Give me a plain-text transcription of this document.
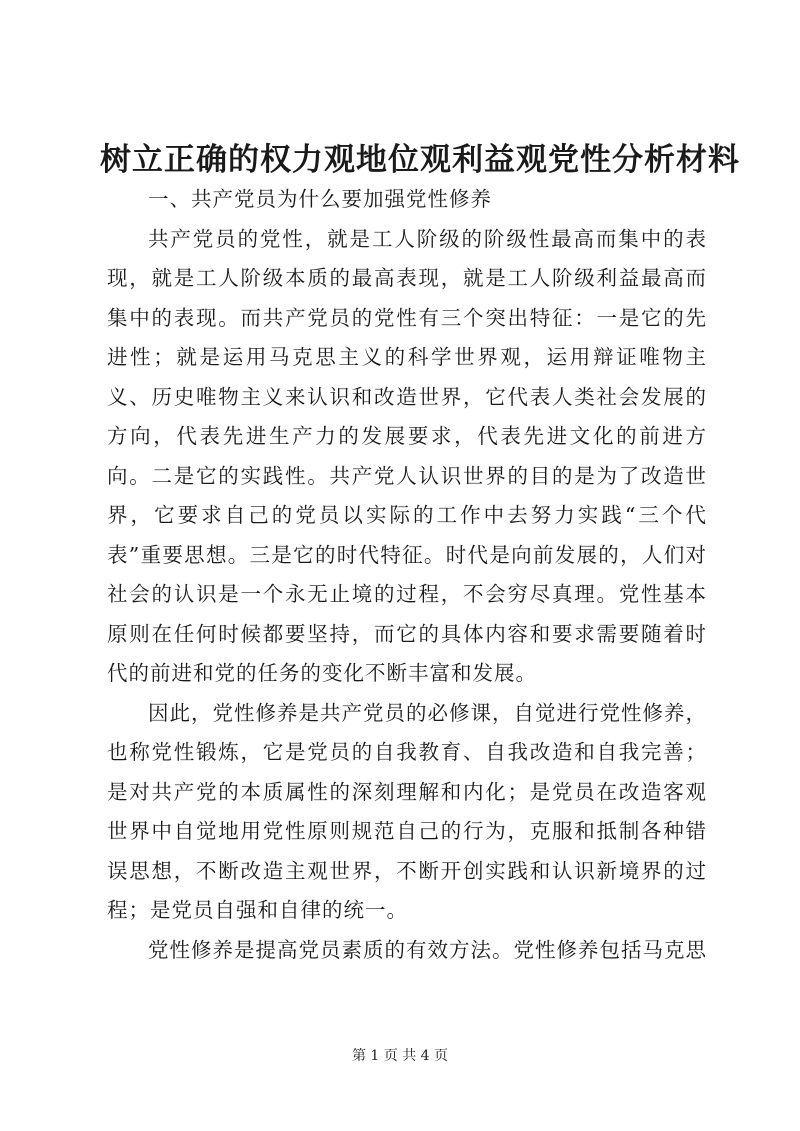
树立正确的权力观地位观利益观党性分析材料

一、共产党员为什么要加强党性修养

共产党员的党性，就是工人阶级的阶级性最高而集中的表现，就是工人阶级本质的最高表现，就是工人阶级利益最高而集中的表现。而共产党员的党性有三个突出特征：一是它的先进性；就是运用马克思主义的科学世界观，运用辩证唯物主义、历史唯物主义来认识和改造世界，它代表人类社会发展的方向，代表先进生产力的发展要求，代表先进文化的前进方向。二是它的实践性。共产党人认识世界的目的是为了改造世界，它要求自己的党员以实际的工作中去努力实践“三个代表”重要思想。三是它的时代特征。时代是向前发展的，人们对社会的认识是一个永无止境的过程，不会穷尽真理。党性基本原则在任何时候都要坚持，而它的具体内容和要求需要随着时代的前进和党的任务的变化不断丰富和发展。

因此，党性修养是共产党员的必修课，自觉进行党性修养，也称党性锻炼，它是党员的自我教育、自我改造和自我完善；是对共产党的本质属性的深刻理解和内化；是党员在改造客观世界中自觉地用党性原则规范自己的行为，克服和抵制各种错误思想，不断改造主观世界，不断开创实践和认识新境界的过程；是党员自强和自律的统一。

党性修养是提高党员素质的有效方法。党性修养包括马克思

第 1 页 共 4 页
